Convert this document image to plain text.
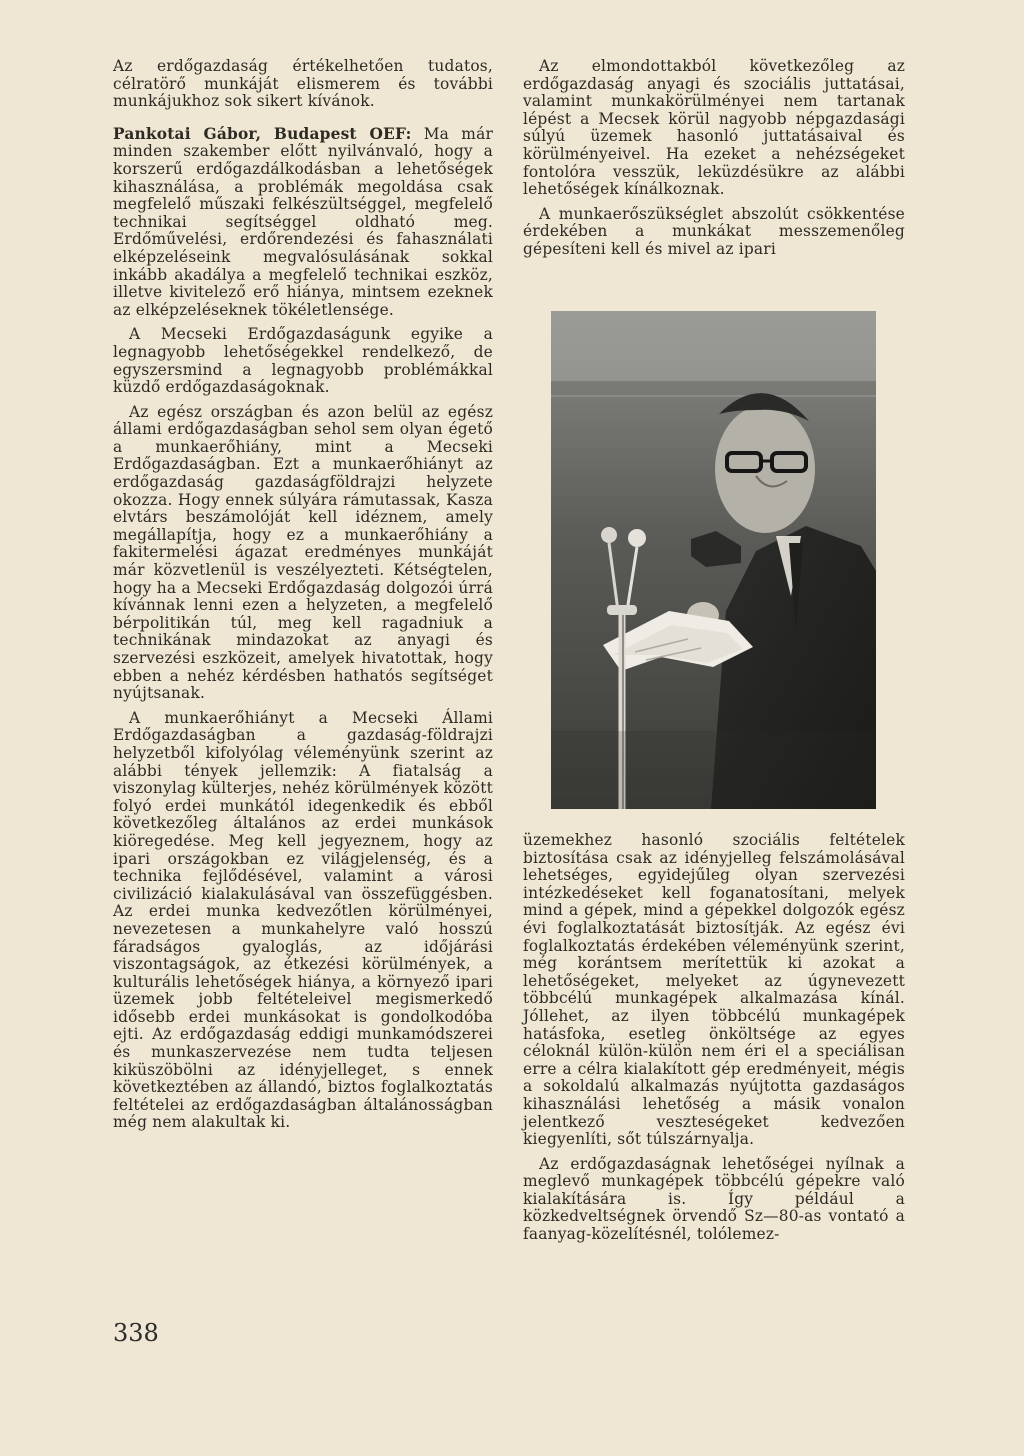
Az erdőgazdaság értékelhetően tudatos, célratörő munkáját elismerem és további munkájukhoz sok sikert kívánok.

Pankotai Gábor, Budapest OEF: Ma már minden szakember előtt nyilvánvaló, hogy a korszerű erdőgazdálkodásban a lehetőségek kihasználása, a problémák megoldása csak megfelelő műszaki felkészültséggel, megfelelő technikai segítséggel oldható meg. Erdőművelési, erdőrendezési és fahasználati elképzeléseink megvalósulásának sokkal inkább akadálya a megfelelő technikai eszköz, illetve kivitelező erő hiánya, mintsem ezeknek az elképzeléseknek tökéletlensége.

A Mecseki Erdőgazdaságunk egyike a legnagyobb lehetőségekkel rendelkező, de egyszersmind a legnagyobb problémákkal küzdő erdőgazdaságoknak.

Az egész országban és azon belül az egész állami erdőgazdaságban sehol sem olyan égető a munkaerőhiány, mint a Mecseki Erdőgazdaságban. Ezt a munkaerőhiányt az erdőgazdaság gazdaságföldrajzi helyzete okozza. Hogy ennek súlyára rámutassak, Kasza elvtárs beszámolóját kell idéznem, amely megállapítja, hogy ez a munkaerőhiány a fakitermelési ágazat eredményes munkáját már közvetlenül is veszélyezteti. Kétségtelen, hogy ha a Mecseki Erdőgazdaság dolgozói úrrá kívánnak lenni ezen a helyzeten, a megfelelő bérpolitikán túl, meg kell ragadniuk a technikának mindazokat az anyagi és szervezési eszközeit, amelyek hivatottak, hogy ebben a nehéz kérdésben hathatós segítséget nyújtsanak.

A munkaerőhiányt a Mecseki Állami Erdőgazdaságban a gazdaság-földrajzi helyzetből kifolyólag véleményünk szerint az alábbi tények jellemzik: A fiatalság a viszonylag külterjes, nehéz körülmények között folyó erdei munkától idegenkedik és ebből következőleg általános az erdei munkások kiöregedése. Meg kell jegyeznem, hogy az ipari országokban ez világjelenség, és a technika fejlődésével, valamint a városi civilizáció kialakulásával van összefüggésben. Az erdei munka kedvezőtlen körülményei, nevezetesen a munkahelyre való hosszú fáradságos gyaloglás, az időjárási viszontagságok, az étkezési körülmények, a kulturális lehetőségek hiánya, a környező ipari üzemek jobb feltételeivel megismerkedő idősebb erdei munkásokat is gondolkodóba ejti. Az erdőgazdaság eddigi munkamódszerei és munkaszervezése nem tudta teljesen kiküszöbölni az idényjelleget, s ennek következtében az állandó, biztos foglalkoztatás feltételei az erdőgazdaságban általánosságban még nem alakultak ki.

Az elmondottakból következőleg az erdőgazdaság anyagi és szociális juttatásai, valamint munkakörülményei nem tartanak lépést a Mecsek körül nagyobb népgazdasági súlyú üzemek hasonló juttatásaival és körülményeivel. Ha ezeket a nehézségeket fontolóra vesszük, leküzdésükre az alábbi lehetőségek kínálkoznak.

A munkaerőszükséglet abszolút csökkentése érdekében a munkákat messzemenőleg gépesíteni kell és mivel az ipari

üzemekhez hasonló szociális feltételek biztosítása csak az idényjelleg felszámolásával lehetséges, egyidejűleg olyan szervezési intézkedéseket kell foganatosítani, melyek mind a gépek, mind a gépekkel dolgozók egész évi foglalkoztatását biztosítják. Az egész évi foglalkoztatás érdekében véleményünk szerint, még korántsem merítettük ki azokat a lehetőségeket, melyeket az úgynevezett többcélú munkagépek alkalmazása kínál. Jóllehet, az ilyen többcélú munkagépek hatásfoka, esetleg önköltsége az egyes céloknál külön-külön nem éri el a speciálisan erre a célra kialakított gép eredményeit, mégis a sokoldalú alkalmazás nyújtotta gazdaságos kihasználási lehetőség a másik vonalon jelentkező veszteségeket kedvezően kiegyenlíti, sőt túlszárnyalja.

Az erdőgazdaságnak lehetőségei nyílnak a meglevő munkagépek többcélú gépekre való kialakítására is. Így például a közkedveltségnek örvendő Sz—80-as vontató a faanyag-közelítésnél, tolólemez-

338
